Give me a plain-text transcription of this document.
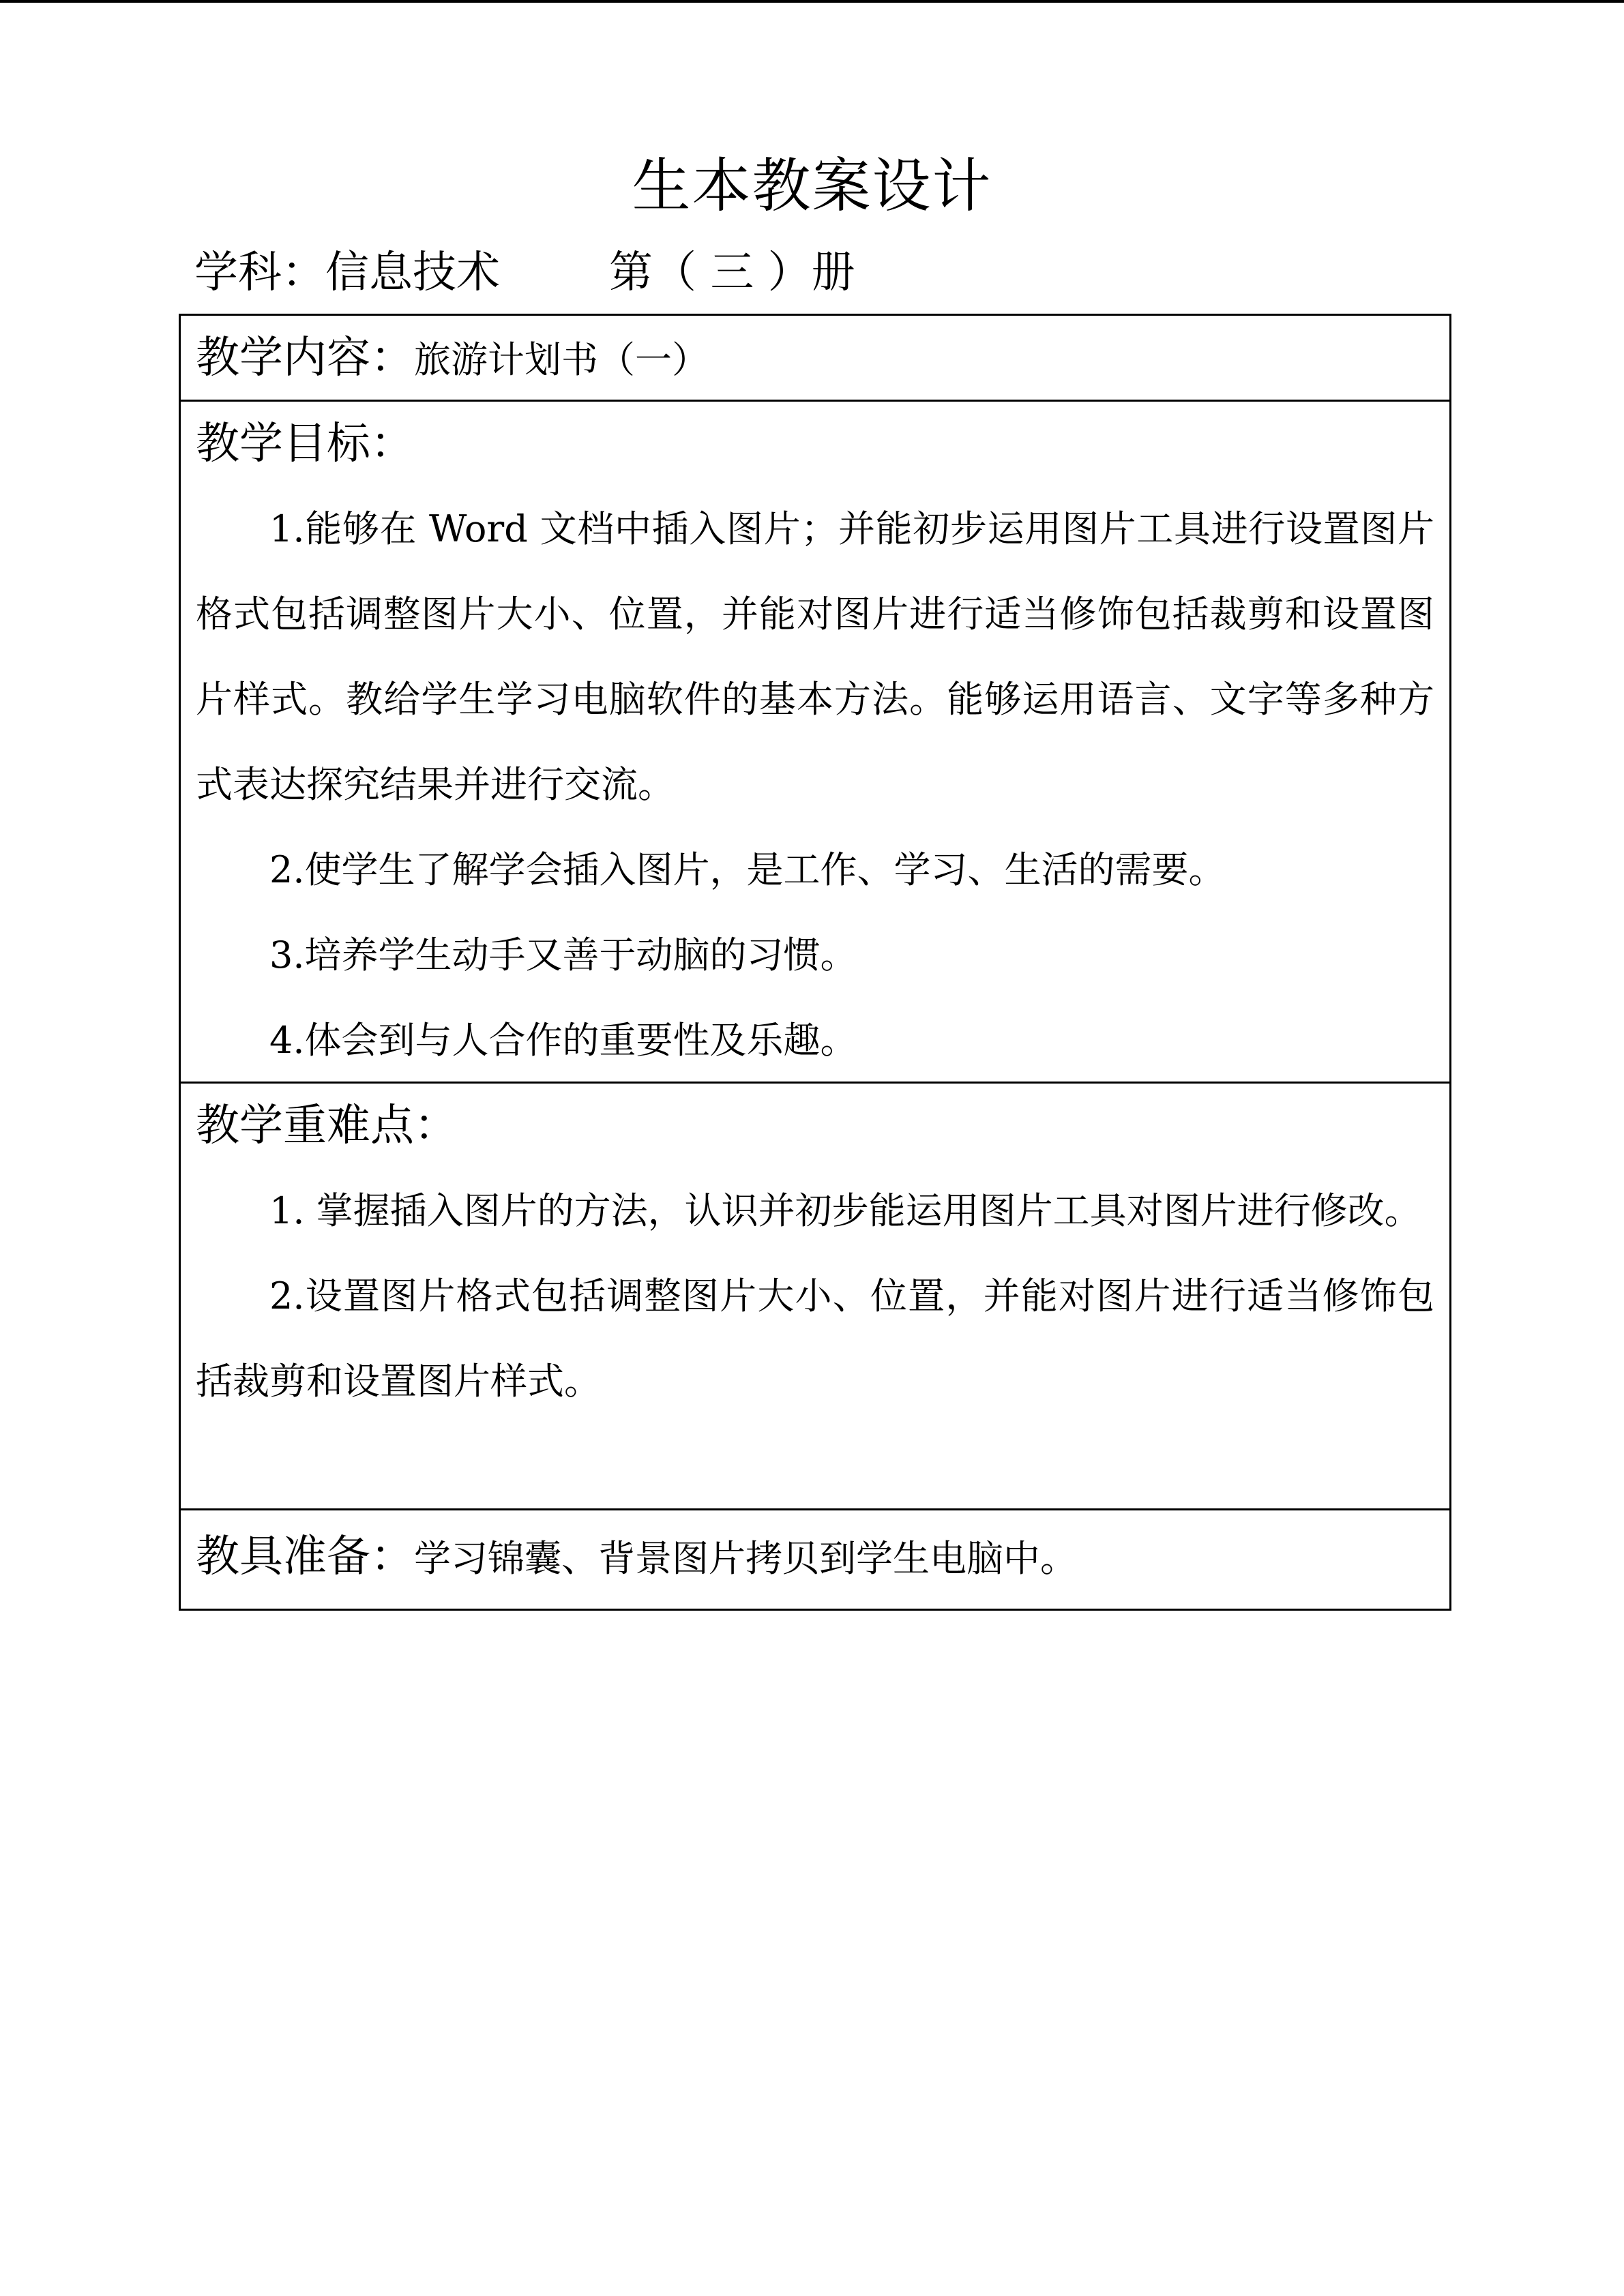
生本教案设计
学科：信息技术	第（ 三 ）册
教学内容：旅游计划书（一）
教学目标：

1.能够在 Word 文档中插入图片；并能初步运用图片工具进行设置图片格式包括调整图片大小、位置，并能对图片进行适当修饰包括裁剪和设置图片样式。教给学生学习电脑软件的基本方法。能够运用语言、文字等多种方式表达探究结果并进行交流。

2.使学生了解学会插入图片，是工作、学习、生活的需要。

3.培养学生动手又善于动脑的习惯。

4.体会到与人合作的重要性及乐趣。

教学重难点：

1. 掌握插入图片的方法，认识并初步能运用图片工具对图片进行修改。

2.设置图片格式包括调整图片大小、位置，并能对图片进行适当修饰包括裁剪和设置图片样式。

教具准备：学习锦囊、背景图片拷贝到学生电脑中。
